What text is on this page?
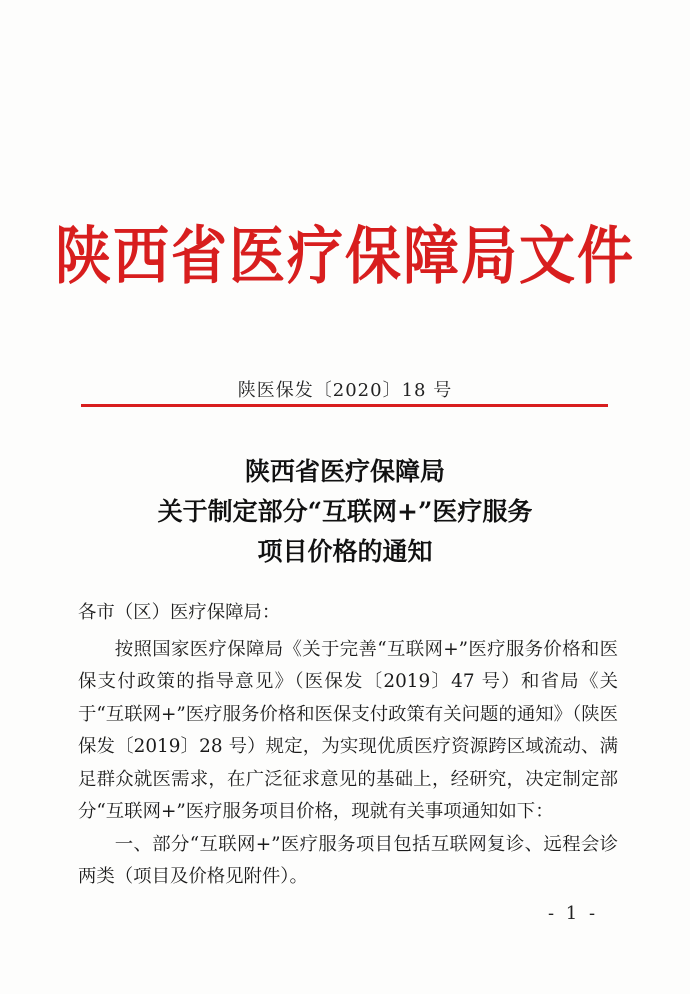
陕西省医疗保障局文件
陕医保发〔2020〕18 号
陕西省医疗保障局
关于制定部分“互联网+”医疗服务
项目价格的通知
各市（区）医疗保障局：

按照国家医疗保障局《关于完善“互联网+”医疗服务价格和医保支付政策的指导意见》（医保发〔2019〕47 号）和省局《关于“互联网+”医疗服务价格和医保支付政策有关问题的通知》（陕医保发〔2019〕28 号）规定，为实现优质医疗资源跨区域流动、满足群众就医需求，在广泛征求意见的基础上，经研究，决定制定部分“互联网+”医疗服务项目价格，现就有关事项通知如下：

一、部分“互联网+”医疗服务项目包括互联网复诊、远程会诊两类（项目及价格见附件）。

- 1 -
